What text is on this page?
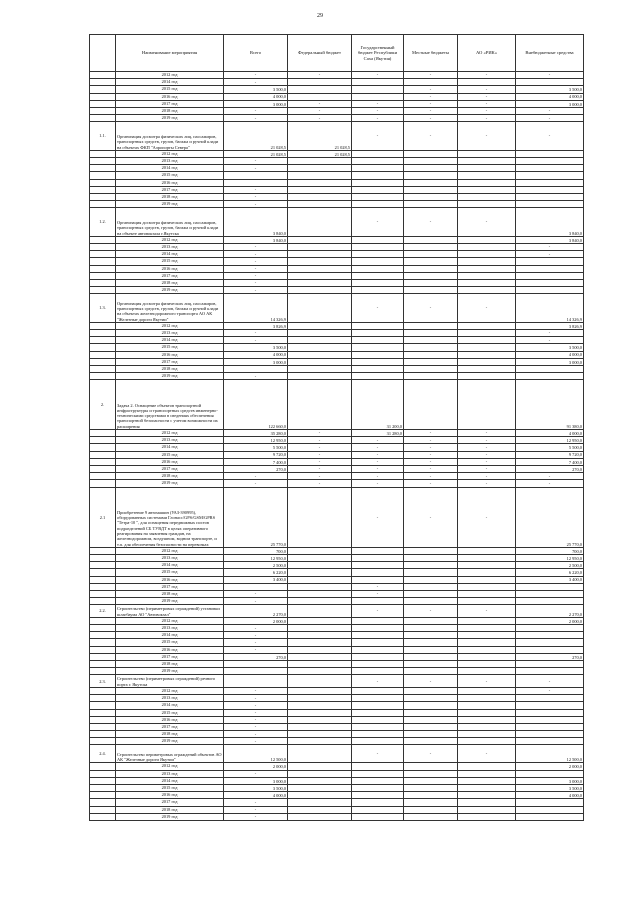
29
	Наименование мероприятия	Всего	Федеральный бюджет	Государственный бюджет Республики Саха (Якутия)	Местные бюджеты	АО «РИК»	Внебюджетные средства
	2012 год	-	-	-	-	-	-
	2014 год	-					
	2015 год	3 500,0			-	-	3 500,0
	2016 год	4 000,0			-	-	4 000,0
	2017 год	3 000,0	-	-	-	-	3 000,0
	2018 год	-	-	-	-	-	-
	2019 год	-	-	-	-	-	-
1.1.	Организация досмотра физических лиц, пассажиров, транспортных средств, грузов, багажа и ручной клади на объектах ФКП "Аэропорты Севера"	21 028,5	21 028,5	-	-	-	-
	2012 год	21 028,5	21 028,5				
	2013 год	-					
	2014 год	-					
	2015 год						
	2016 год						
	2017 год	-					
	2018 год	-					
	2019 год	-					
1.2.	Организация досмотра физических лиц, пассажиров, транспортных средств, грузов, багажа и ручной клади на объекте автовокзала г.Якутска	3 840,0		-	-	-	3 840,0
	2012 год	3 840,0					3 840,0
	2013 год	-					-
	2014 год	-					-
	2015 год	-					
	2016 год	-					
	2017 год	-					
	2018 год	-					
	2019 год	-					
1.3.	Организация досмотра физических лиц, пассажиров, транспортных средств, грузов, багажа и ручной клади на объектах железнодорожного транспорта АО АК "Железные дороги Якутии"	14 326,9		-	-	-	14 326,9
	2012 год	3 826,9					3 826,9
	2013 год	-					-
	2014 год	-					-
	2015 год	3 500,0					3 500,0
	2016 год	4 000,0					4 000,0
	2017 год	3 000,0					3 000,0
	2018 год						
	2019 год	-					
2.	Задача 2. Оснащение объектов транспортной инфраструктуры и транспортных средств инженерно-техническими средствами в сведениях обеспечения транспортной безопасности с учетом возможности их расширения	122 660,0		31 200,0			91 380,0
	2012 год	35 280,0	-	31 280,0	-	-	4 000,0
	2013 год	12 950,0	-	-	-	-	12 950,0
	2014 год	5 500,0	-	-	-	-	5 500,0
	2015 год	9 720,0	-	-	-	-	9 720,0
	2016 год	7 400,0	-	-	-	-	7 400,0
	2017 год	270,0	-	-	-	-	270,0
	2018 год	-	-	-	-	-	-
	2019 год	-	-	-	-	-	-
2.1	Приобретение 9 автомашин (УАЗ-390995), оборудованных системами Глонасс/GPS/GSM/GPRS "Тетра-10 ", для оснащения передвижных постов подразделений СБ ТУВДТ в целях оперативного реагирования на заявления граждан, на железнодорожном, воздушном, водном транспорте, и т.п. для обеспечения безопасности на перевозках	25 770,0		-	-	-	25 770,0
	2012 год	700,0					700,0
	2013 год	12 950,0					12 950,0
	2014 год	2 500,0					2 500,0
	2015 год	6 220,0					6 220,0
	2016 год	3 400,0					3 400,0
	2017 год			-			
	2018 год	-		-			
	2019 год	-					
2.2.	Строительство (периметровых ограждений) установки шлагбаума АО "Автовокзал"	2 270,0		-	-	-	2 270,0
	2012 год	2 000,0					2 000,0
	2013 год	-					
	2014 год	-					
	2015 год	-					
	2016 год	-					
	2017 год	270,0					270,0
	2018 год						
	2019 год						
2.3.	Строительство (периметровых ограждений) речного порта г. Якутска			-	-	-	-
	2012 год	-					-
	2013 год	-					
	2014 год	-					
	2015 год	-					
	2016 год	-					
	2017 год	-					
	2018 год	-					
	2019 год	-					
2.4.	Строительство периметровых ограждений объектов АО АК "Железные дороги Якутии"	12 500,0		-	-	-	12 500,0
	2012 год	2 000,0					2 000,0
	2013 год	-					
	2014 год	3 000,0					3 000,0
	2015 год	3 500,0					3 500,0
	2016 год	4 000,0					4 000,0
	2017 год	-					
	2018 год	-					
	2019 год	-					
